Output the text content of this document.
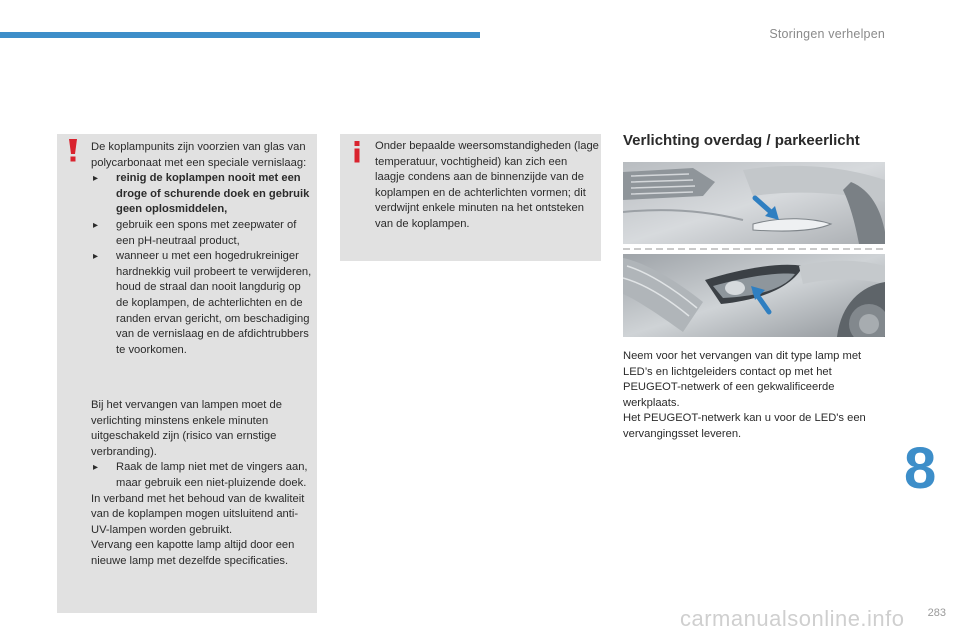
Storingen verhelpen
De koplampunits zijn voorzien van glas van polycarbonaat met een speciale vernislaag:
▸ reinig de koplampen nooit met een droge of schurende doek en gebruik geen oplosmiddelen,
▸ gebruik een spons met zeepwater of een pH-neutraal product,
▸ wanneer u met een hogedrukreiniger hardnekkig vuil probeert te verwijderen, houd de straal dan nooit langdurig op de koplampen, de achterlichten en de randen ervan gericht, om beschadiging van de vernislaag en de afdichtrubbers te voorkomen.
Bij het vervangen van lampen moet de verlichting minstens enkele minuten uitgeschakeld zijn (risico van ernstige verbranding).
▸ Raak de lamp niet met de vingers aan, maar gebruik een niet-pluizende doek.
In verband met het behoud van de kwaliteit van de koplampen mogen uitsluitend anti-UV-lampen worden gebruikt.
Vervang een kapotte lamp altijd door een nieuwe lamp met dezelfde specificaties.
Onder bepaalde weersomstandigheden (lage temperatuur, vochtigheid) kan zich een laagje condens aan de binnenzijde van de koplampen en de achterlichten vormen; dit verdwijnt enkele minuten na het ontsteken van de koplampen.
Verlichting overdag / parkeerlicht
Neem voor het vervangen van dit type lamp met LED’s en lichtgeleiders contact op met het PEUGEOT-netwerk of een gekwalificeerde werkplaats.
Het PEUGEOT-netwerk kan u voor de LED's een vervangingsset leveren.
8
carmanualsonline.info 283
